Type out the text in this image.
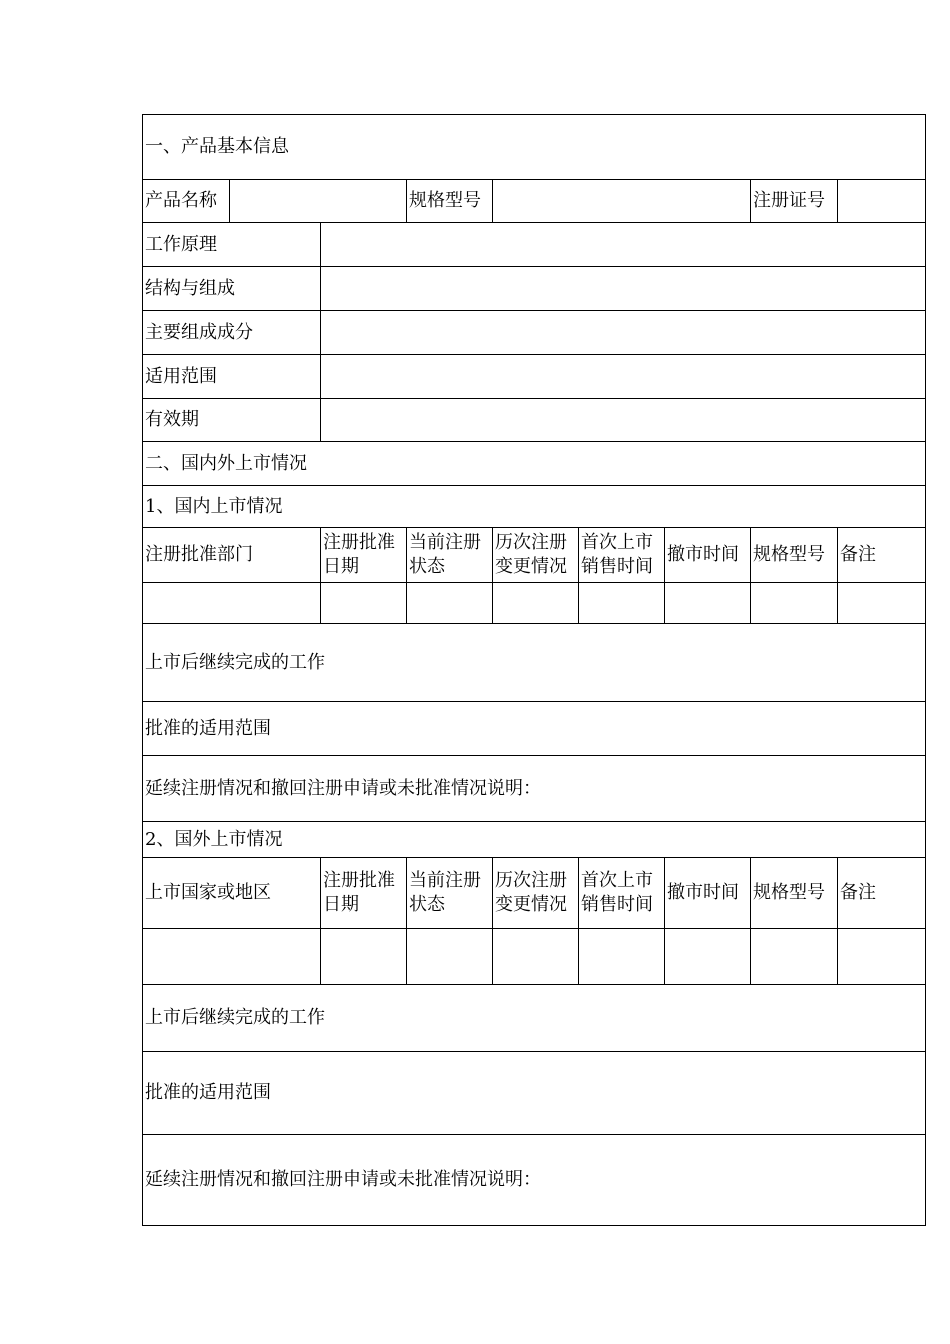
一、产品基本信息								
产品名称			规格型号				注册证号	
工作原理								
结构与组成								
主要组成成分								
适用范围								
有效期								
二、国内外上市情况								
1、国内上市情况								
注册批准部门		注册批准日期	当前注册状态	历次注册变更情况	首次上市销售时间	撤市时间	规格型号	备注

上市后继续完成的工作								
批准的适用范围								
延续注册情况和撤回注册申请或未批准情况说明：								
2、国外上市情况								
上市国家或地区		注册批准日期	当前注册状态	历次注册变更情况	首次上市销售时间	撤市时间	规格型号	备注

上市后继续完成的工作								
批准的适用范围								
延续注册情况和撤回注册申请或未批准情况说明：								
